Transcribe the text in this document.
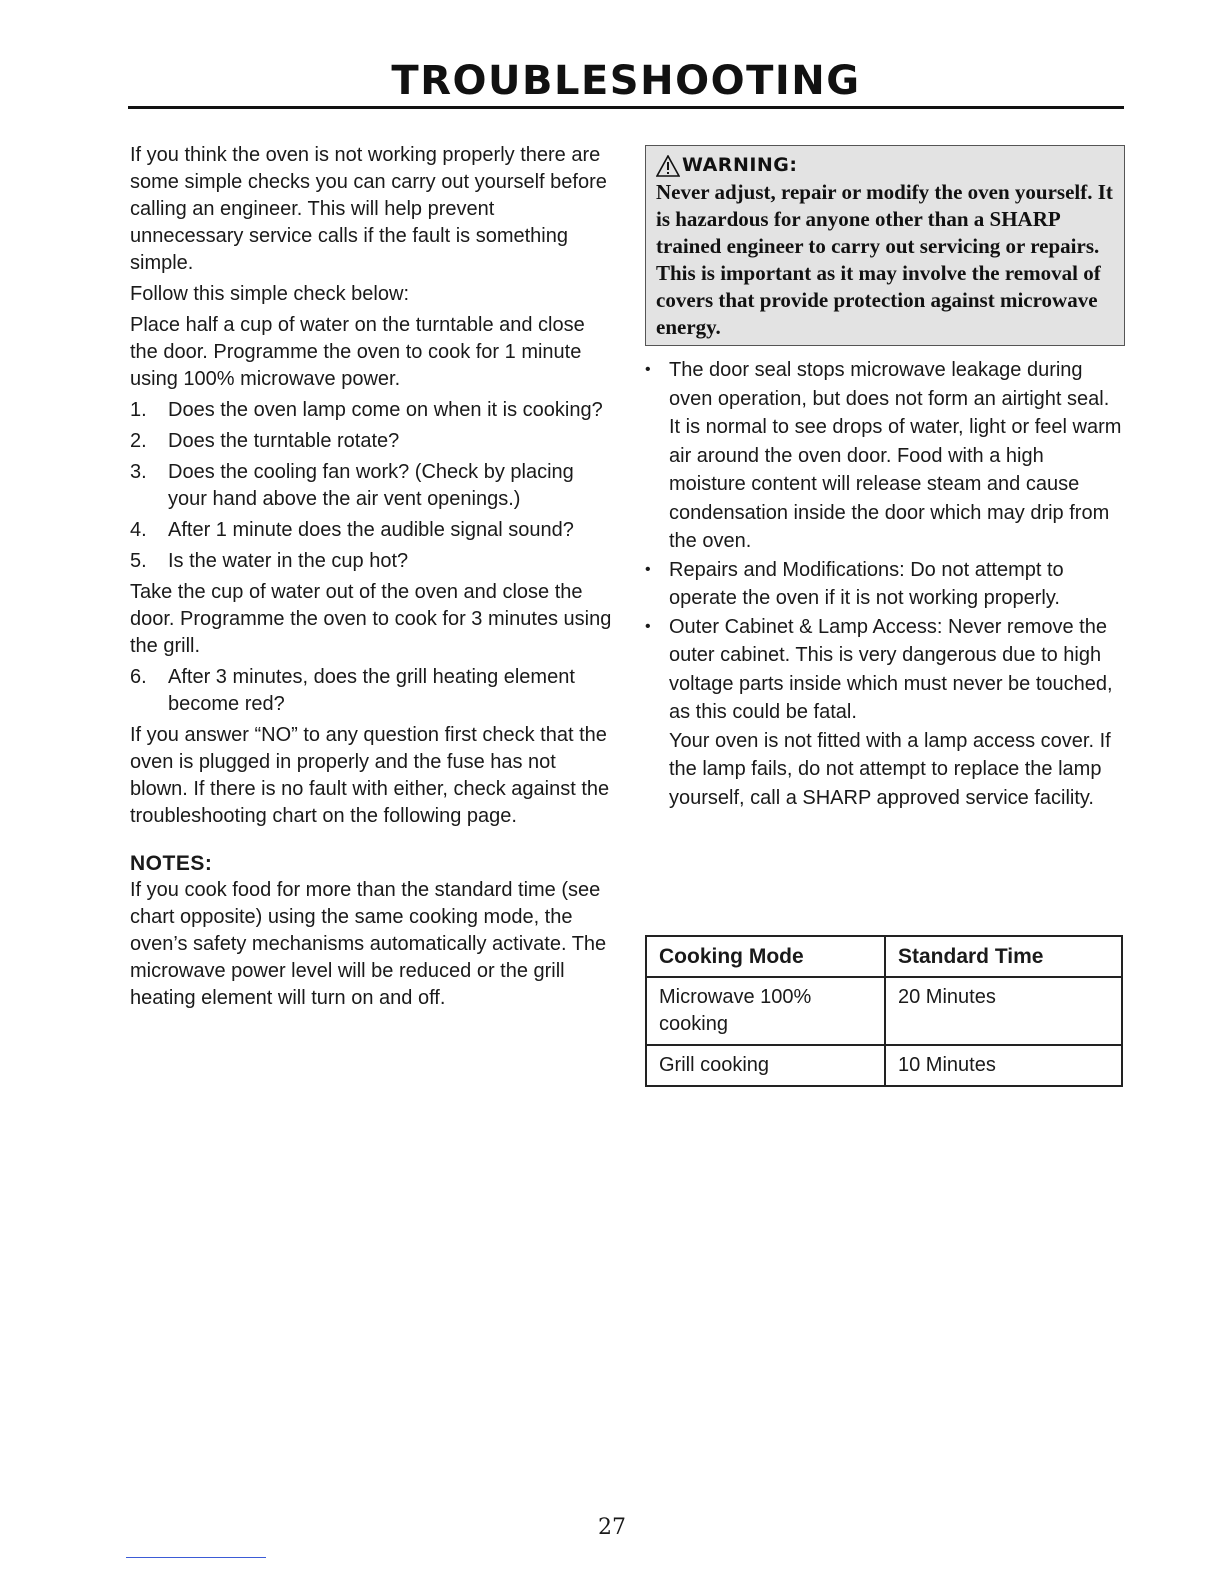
TROUBLESHOOTING

If you think the oven is not working properly there are some simple checks you can carry out yourself before calling an engineer. This will help prevent unnecessary service calls if the fault is something simple.

Follow this simple check below:

Place half a cup of water on the turntable and close the door. Programme the oven to cook for 1 minute using 100% microwave power.

1. Does the oven lamp come on when it is cooking?
2. Does the turntable rotate?
3. Does the cooling fan work? (Check by placing your hand above the air vent openings.)
4. After 1 minute does the audible signal sound?
5. Is the water in the cup hot?

Take the cup of water out of the oven and close the door. Programme the oven to cook for 3 minutes using the grill.

6. After 3 minutes, does the grill heating element become red?

If you answer “NO” to any question first check that the oven is plugged in properly and the fuse has not blown. If there is no fault with either, check against the troubleshooting chart on the following page.

NOTES:

If you cook food for more than the standard time (see chart opposite) using the same cooking mode, the oven’s safety mechanisms automatically activate. The microwave power level will be reduced or the grill heating element will turn on and off.

WARNING:

Never adjust, repair or modify the oven yourself. It is hazardous for anyone other than a SHARP trained engineer to carry out servicing or repairs.

This is important as it may involve the removal of covers that provide protection against microwave energy.

• The door seal stops microwave leakage during oven operation, but does not form an airtight seal. It is normal to see drops of water, light or feel warm air around the oven door. Food with a high moisture content will release steam and cause condensation inside the door which may drip from the oven.
• Repairs and Modifications: Do not attempt to operate the oven if it is not working properly.
• Outer Cabinet & Lamp Access: Never remove the outer cabinet. This is very dangerous due to high voltage parts inside which must never be touched, as this could be fatal.
Your oven is not fitted with a lamp access cover. If the lamp fails, do not attempt to replace the lamp yourself, call a SHARP approved service facility.
Cooking Mode	Standard Time
Microwave 100% cooking	20 Minutes
Grill cooking	10 Minutes
27
